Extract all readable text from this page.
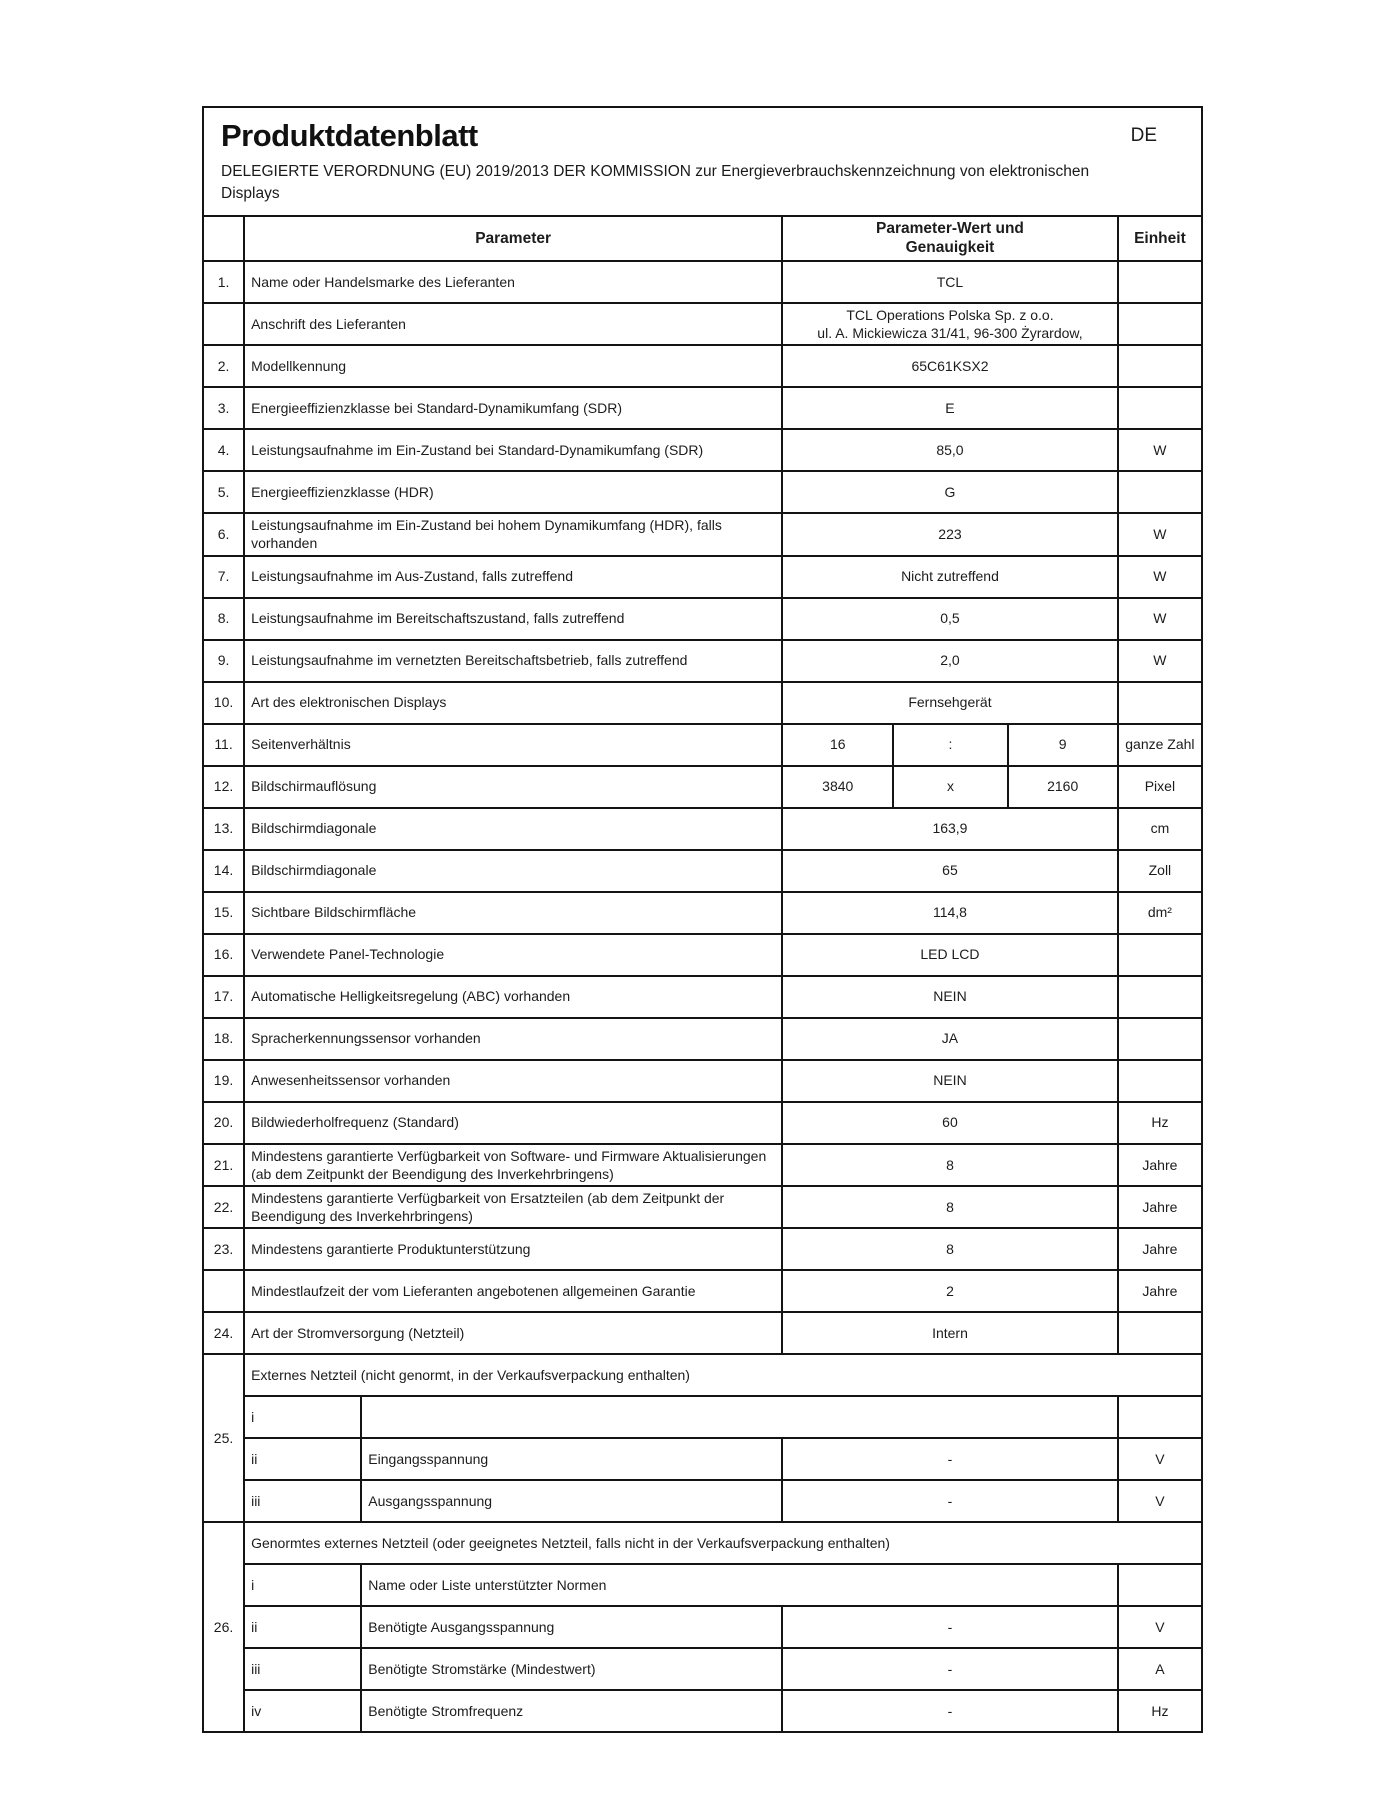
Produktdatenblatt	DE
DELEGIERTE VERORDNUNG (EU) 2019/2013 DER KOMMISSION zur Energieverbrauchskennzeichnung von elektronischen
Displays
	Parameter		Parameter-Wert und
Genauigkeit			Einheit
1.	Name oder Handelsmarke des Lieferanten		TCL			
	Anschrift des Lieferanten		TCL Operations Polska Sp. z o.o.
ul. A. Mickiewicza 31/41, 96-300 Żyrardow,			

2.	Modellkennung		65C61KSX2			
3.	Energieeffizienzklasse bei Standard-Dynamikumfang (SDR)		E			
4.	Leistungsaufnahme im Ein-Zustand bei Standard-Dynamikumfang (SDR)		85,0			W
5.	Energieeffizienzklasse (HDR)		G			
6.	Leistungsaufnahme im Ein-Zustand bei hohem Dynamikumfang (HDR), falls vorhanden		223			W
7.	Leistungsaufnahme im Aus-Zustand, falls zutreffend		Nicht zutreffend			W
8.	Leistungsaufnahme im Bereitschaftszustand, falls zutreffend		0,5			W
9.	Leistungsaufnahme im vernetzten Bereitschaftsbetrieb, falls zutreffend		2,0			W
10.	Art des elektronischen Displays		Fernsehgerät			
11.	Seitenverhältnis		16	:	9	ganze Zahl
12.	Bildschirmauflösung		3840	x	2160	Pixel
13.	Bildschirmdiagonale		163,9			cm
14.	Bildschirmdiagonale		65			Zoll
15.	Sichtbare Bildschirmfläche		114,8			dm²
16.	Verwendete Panel-Technologie		LED LCD			
17.	Automatische Helligkeitsregelung (ABC) vorhanden		NEIN			
18.	Spracherkennungssensor vorhanden		JA			
19.	Anwesenheitssensor vorhanden		NEIN			
20.	Bildwiederholfrequenz (Standard)		60			Hz
21.	Mindestens garantierte Verfügbarkeit von Software- und Firmware Aktualisierungen (ab dem Zeitpunkt der Beendigung des Inverkehrbringens)		8			Jahre
22.	Mindestens garantierte Verfügbarkeit von Ersatzteilen (ab dem Zeitpunkt der Beendigung des Inverkehrbringens)		8			Jahre
23.	Mindestens garantierte Produktunterstützung		8			Jahre
	Mindestlaufzeit der vom Lieferanten angebotenen allgemeinen Garantie		2			Jahre
24.	Art der Stromversorgung (Netzteil)		Intern			
25.	Externes Netzteil (nicht genormt, in der Verkaufsverpackung enthalten)					
	i					
	ii	Eingangsspannung	-			V
	iii	Ausgangsspannung	-			V
26.	Genormtes externes Netzteil (oder geeignetes Netzteil, falls nicht in der Verkaufsverpackung enthalten)					
	i	Name oder Liste unterstützter Normen				
	ii	Benötigte Ausgangsspannung	-			V
	iii	Benötigte Stromstärke (Mindestwert)	-			A
	iv	Benötigte Stromfrequenz	-			Hz
